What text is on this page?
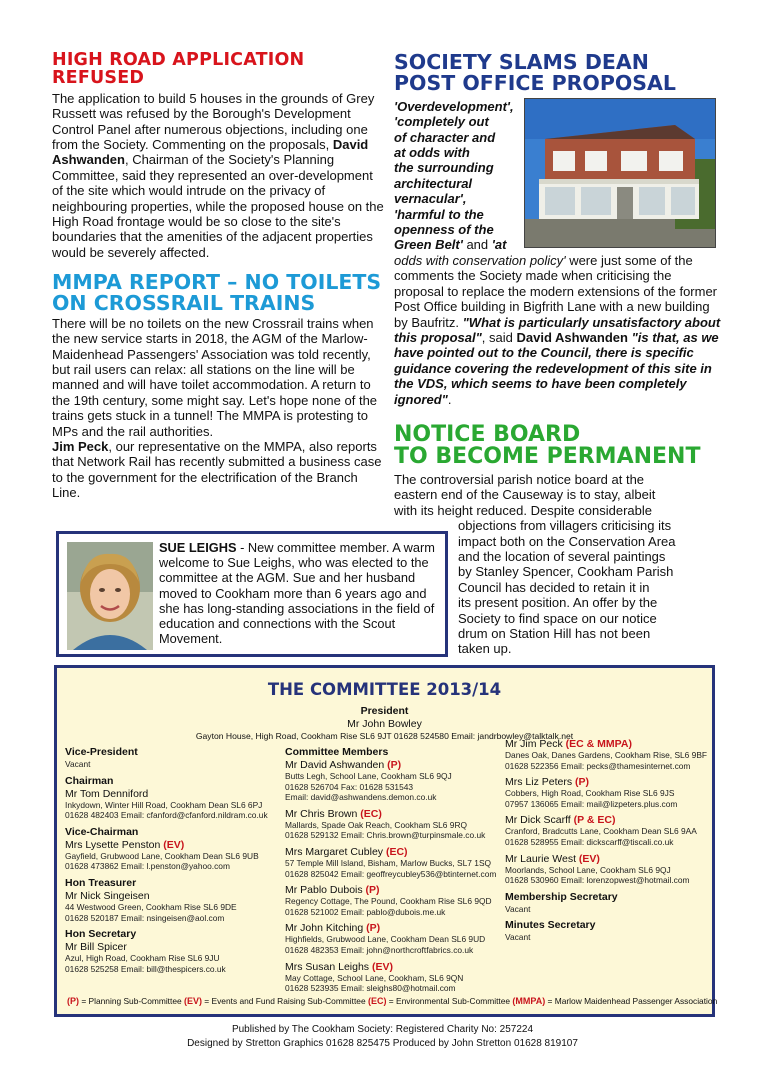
HIGH ROAD APPLICATION REFUSED

The application to build 5 houses in the grounds of Grey Russett was refused by the Borough's Development Control Panel after numerous objections, including one from the Society. Commenting on the proposals, David Ashwanden, Chairman of the Society's Planning Committee, said they represented an over-development of the site which would intrude on the privacy of neighbouring properties, while the proposed house on the High Road frontage would be so close to the site's boundaries that the amenities of the adjacent properties would be severely affected.

MMPA REPORT – NO TOILETS
ON CROSSRAIL TRAINS

There will be no toilets on the new Crossrail trains when the new service starts in 2018, the AGM of the Marlow-Maidenhead Passengers' Association was told recently, but rail users can relax: all stations on the line will be manned and will have toilet accommodation. A return to the 19th century, some might say. Let's hope none of the trains gets stuck in a tunnel! The MMPA is protesting to MPs and the rail authorities.
Jim Peck, our representative on the MMPA, also reports that Network Rail has recently submitted a business case to the government for the electrification of the Branch Line.

SOCIETY SLAMS DEAN
POST OFFICE PROPOSAL
'Overdevelopment',
'completely out
of character and
at odds with
the surrounding
architectural
vernacular',
'harmful to the
openness of the
Green Belt' and 'at

odds with conservation policy' were just some of the comments the Society made when criticising the proposal to replace the modern extensions of the former Post Office building in Bigfrith Lane with a new building by Baufritz. "What is particularly unsatisfactory about this proposal", said David Ashwanden "is that, as we have pointed out to the Council, there is specific guidance covering the redevelopment of this site in the VDS, which seems to have been completely ignored".

NOTICE BOARD
TO BECOME PERMANENT
The controversial parish notice board at the
eastern end of the Causeway is to stay, albeit
with its height reduced. Despite considerable
objections from villagers criticising its
impact both on the Conservation Area
and the location of several paintings
by Stanley Spencer, Cookham Parish
Council has decided to retain it in
its present position. An offer by the
Society to find space on our notice
drum on Station Hill has not been
taken up.

SUE LEIGHS - New committee member. A warm welcome to Sue Leighs, who was elected to the committee at the AGM. Sue and her husband moved to Cookham more than 6 years ago and she has long-standing associations in the field of education and connections with the Scout Movement.

THE COMMITTEE 2013/14
President
Mr John Bowley
Gayton House, High Road, Cookham Rise SL6 9JT 01628 524580 Email: jandrbowley@talktalk.net
Vice-President
Vacant
Chairman
Mr Tom Denniford
Inkydown, Winter Hill Road, Cookham Dean SL6 6PJ
01628 482403 Email: cfanford@cfanford.nildram.co.uk
Vice-Chairman
Mrs Lysette Penston (EV)
Gayfield, Grubwood Lane, Cookham Dean SL6 9UB
01628 473862 Email: l.penston@yahoo.com
Hon Treasurer
Mr Nick Singeisen
44 Westwood Green, Cookham Rise SL6 9DE
01628 520187 Email: nsingeisen@aol.com
Hon Secretary
Mr Bill Spicer
Azul, High Road, Cookham Rise SL6 9JU
01628 525258 Email: bill@thespicers.co.uk
Committee Members
Mr David Ashwanden (P)
Butts Legh, School Lane, Cookham SL6 9QJ
01628 526704 Fax: 01628 531543
Email: david@ashwandens.demon.co.uk
Mr Chris Brown (EC)
Mallards, Spade Oak Reach, Cookham SL6 9RQ
01628 529132 Email: Chris.brown@turpinsmale.co.uk
Mrs Margaret Cubley (EC)
57 Temple Mill Island, Bisham, Marlow Bucks, SL7 1SQ
01628 825042 Email: geoffreycubley536@btinternet.com
Mr Pablo Dubois (P)
Regency Cottage, The Pound, Cookham Rise SL6 9QD
01628 521002 Email: pablo@dubois.me.uk
Mr John Kitching (P)
Highfields, Grubwood Lane, Cookham Dean SL6 9UD
01628 482353 Email: john@northcroftfabrics.co.uk
Mrs Susan Leighs (EV)
May Cottage, School Lane, Cookham, SL6 9QN
01628 523935 Email: sleighs80@hotmail.com
Mr Jim Peck (EC & MMPA)
Danes Oak, Danes Gardens, Cookham Rise, SL6 9BF
01628 522356 Email: pecks@thamesinternet.com
Mrs Liz Peters (P)
Cobbers, High Road, Cookham Rise SL6 9JS
07957 136065 Email: mail@lizpeters.plus.com
Mr Dick Scarff (P & EC)
Cranford, Bradcutts Lane, Cookham Dean SL6 9AA
01628 528955 Email: dickscarff@tiscali.co.uk
Mr Laurie West (EV)
Moorlands, School Lane, Cookham SL6 9QJ
01628 530960 Email: lorenzopwest@hotmail.com
Membership Secretary
Vacant
Minutes Secretary
Vacant
(P) = Planning Sub-Committee (EV) = Events and Fund Raising Sub-Committee (EC) = Environmental Sub-Committee (MMPA) = Marlow Maidenhead Passenger Association
Published by The Cookham Society: Registered Charity No: 257224
Designed by Stretton Graphics 01628 825475 Produced by John Stretton 01628 819107
